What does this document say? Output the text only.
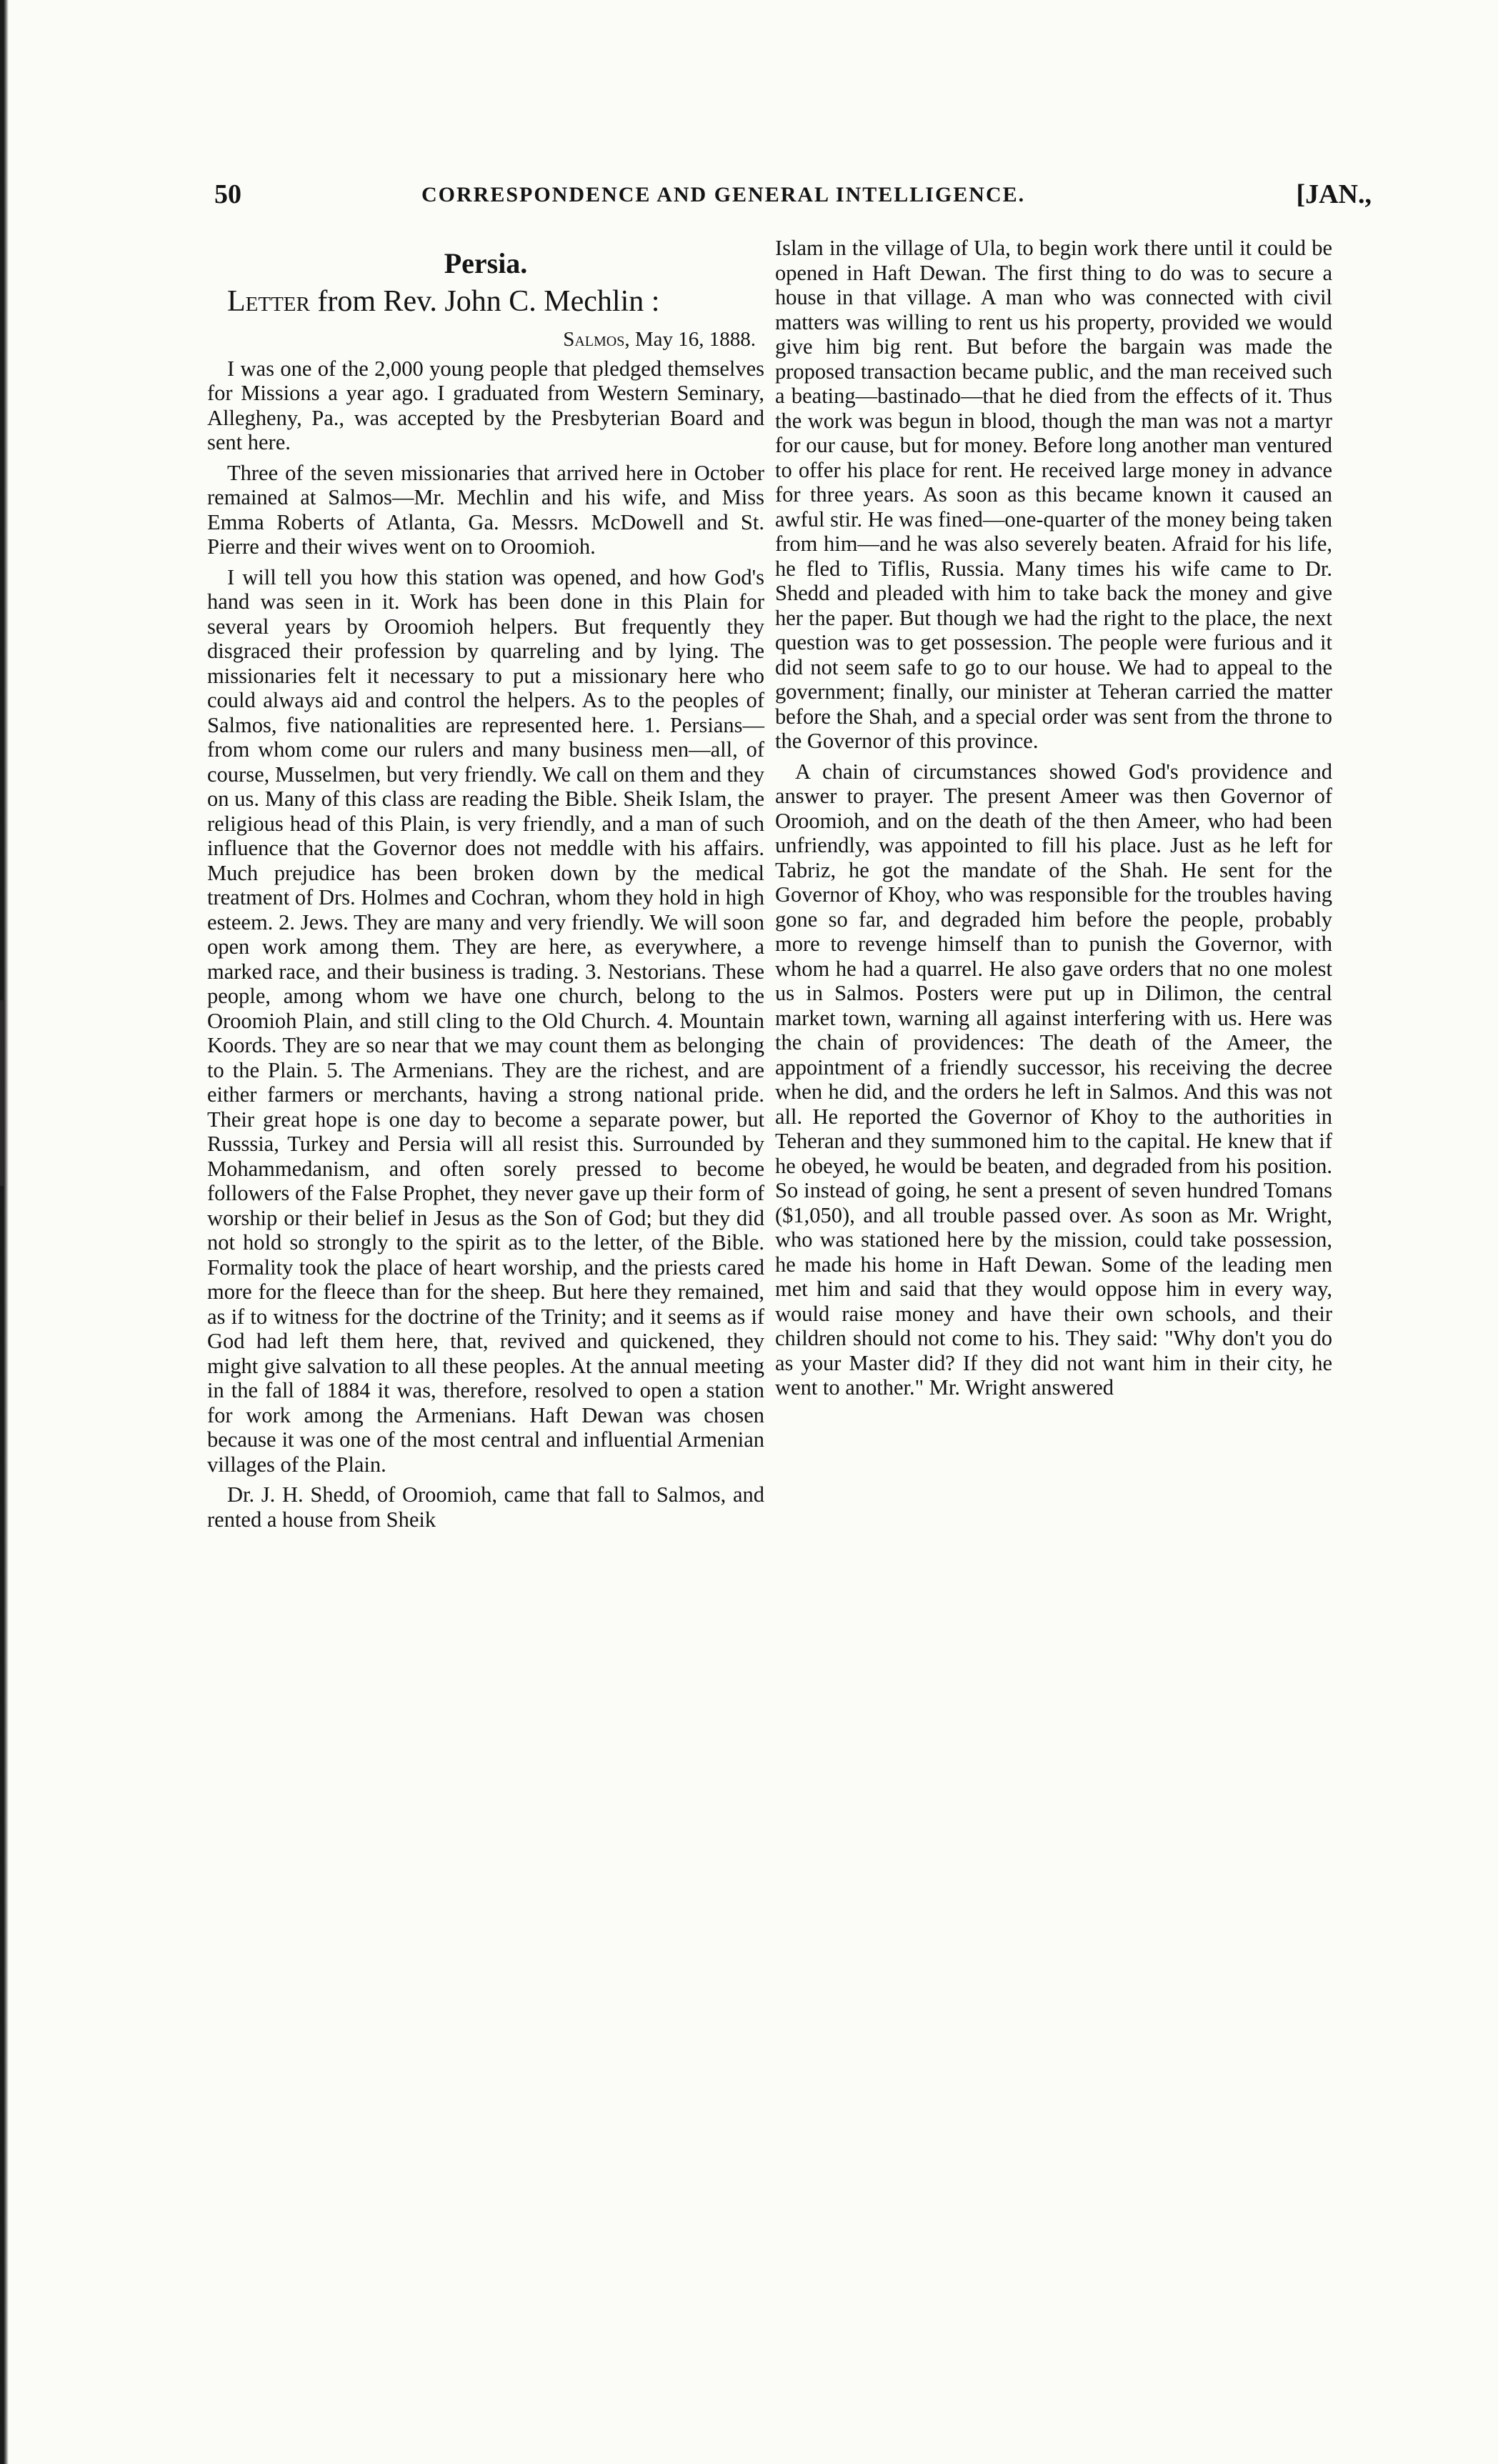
50	CORRESPONDENCE AND GENERAL INTELLIGENCE.	[JAN.,
Persia.
Letter from Rev. John C. Mechlin :
Salmos, May 16, 1888.

I was one of the 2,000 young people that pledged themselves for Missions a year ago. I graduated from Western Seminary, Allegheny, Pa., was accepted by the Presbyterian Board and sent here.

Three of the seven missionaries that arrived here in October remained at Salmos—Mr. Mechlin and his wife, and Miss Emma Roberts of Atlanta, Ga. Messrs. McDowell and St. Pierre and their wives went on to Oroomioh.

I will tell you how this station was opened, and how God's hand was seen in it. Work has been done in this Plain for several years by Oroomioh helpers. But frequently they disgraced their profession by quarreling and by lying. The missionaries felt it necessary to put a missionary here who could always aid and control the helpers. As to the peoples of Salmos, five nationalities are represented here. 1. Persians—from whom come our rulers and many business men—all, of course, Musselmen, but very friendly. We call on them and they on us. Many of this class are reading the Bible. Sheik Islam, the religious head of this Plain, is very friendly, and a man of such influence that the Governor does not meddle with his affairs. Much prejudice has been broken down by the medical treatment of Drs. Holmes and Cochran, whom they hold in high esteem. 2. Jews. They are many and very friendly. We will soon open work among them. They are here, as everywhere, a marked race, and their business is trading. 3. Nestorians. These people, among whom we have one church, belong to the Oroomioh Plain, and still cling to the Old Church. 4. Mountain Koords. They are so near that we may count them as belonging to the Plain. 5. The Armenians. They are the richest, and are either farmers or merchants, having a strong national pride. Their great hope is one day to become a separate power, but Russsia, Turkey and Persia will all resist this. Surrounded by Mohammedanism, and often sorely pressed to become followers of the False Prophet, they never gave up their form of worship or their belief in Jesus as the Son of God; but they did not hold so strongly to the spirit as to the letter, of the Bible. Formality took the place of heart worship, and the priests cared more for the fleece than for the sheep. But here they remained, as if to witness for the doctrine of the Trinity; and it seems as if God had left them here, that, revived and quickened, they might give salvation to all these peoples. At the annual meeting in the fall of 1884 it was, therefore, resolved to open a station for work among the Armenians. Haft Dewan was chosen because it was one of the most central and influential Armenian villages of the Plain.

Dr. J. H. Shedd, of Oroomioh, came that fall to Salmos, and rented a house from Sheik

Islam in the village of Ula, to begin work there until it could be opened in Haft Dewan. The first thing to do was to secure a house in that village. A man who was connected with civil matters was willing to rent us his property, provided we would give him big rent. But before the bargain was made the proposed transaction became public, and the man received such a beating—bastinado—that he died from the effects of it. Thus the work was begun in blood, though the man was not a martyr for our cause, but for money. Before long another man ventured to offer his place for rent. He received large money in advance for three years. As soon as this became known it caused an awful stir. He was fined—one-quarter of the money being taken from him—and he was also severely beaten. Afraid for his life, he fled to Tiflis, Russia. Many times his wife came to Dr. Shedd and pleaded with him to take back the money and give her the paper. But though we had the right to the place, the next question was to get possession. The people were furious and it did not seem safe to go to our house. We had to appeal to the government; finally, our minister at Teheran carried the matter before the Shah, and a special order was sent from the throne to the Governor of this province.

A chain of circumstances showed God's providence and answer to prayer. The present Ameer was then Governor of Oroomioh, and on the death of the then Ameer, who had been unfriendly, was appointed to fill his place. Just as he left for Tabriz, he got the mandate of the Shah. He sent for the Governor of Khoy, who was responsible for the troubles having gone so far, and degraded him before the people, probably more to revenge himself than to punish the Governor, with whom he had a quarrel. He also gave orders that no one molest us in Salmos. Posters were put up in Dilimon, the central market town, warning all against interfering with us. Here was the chain of providences: The death of the Ameer, the appointment of a friendly successor, his receiving the decree when he did, and the orders he left in Salmos. And this was not all. He reported the Governor of Khoy to the authorities in Teheran and they summoned him to the capital. He knew that if he obeyed, he would be beaten, and degraded from his position. So instead of going, he sent a present of seven hundred Tomans ($1,050), and all trouble passed over. As soon as Mr. Wright, who was stationed here by the mission, could take possession, he made his home in Haft Dewan. Some of the leading men met him and said that they would oppose him in every way, would raise money and have their own schools, and their children should not come to his. They said: "Why don't you do as your Master did? If they did not want him in their city, he went to another." Mr. Wright answered
